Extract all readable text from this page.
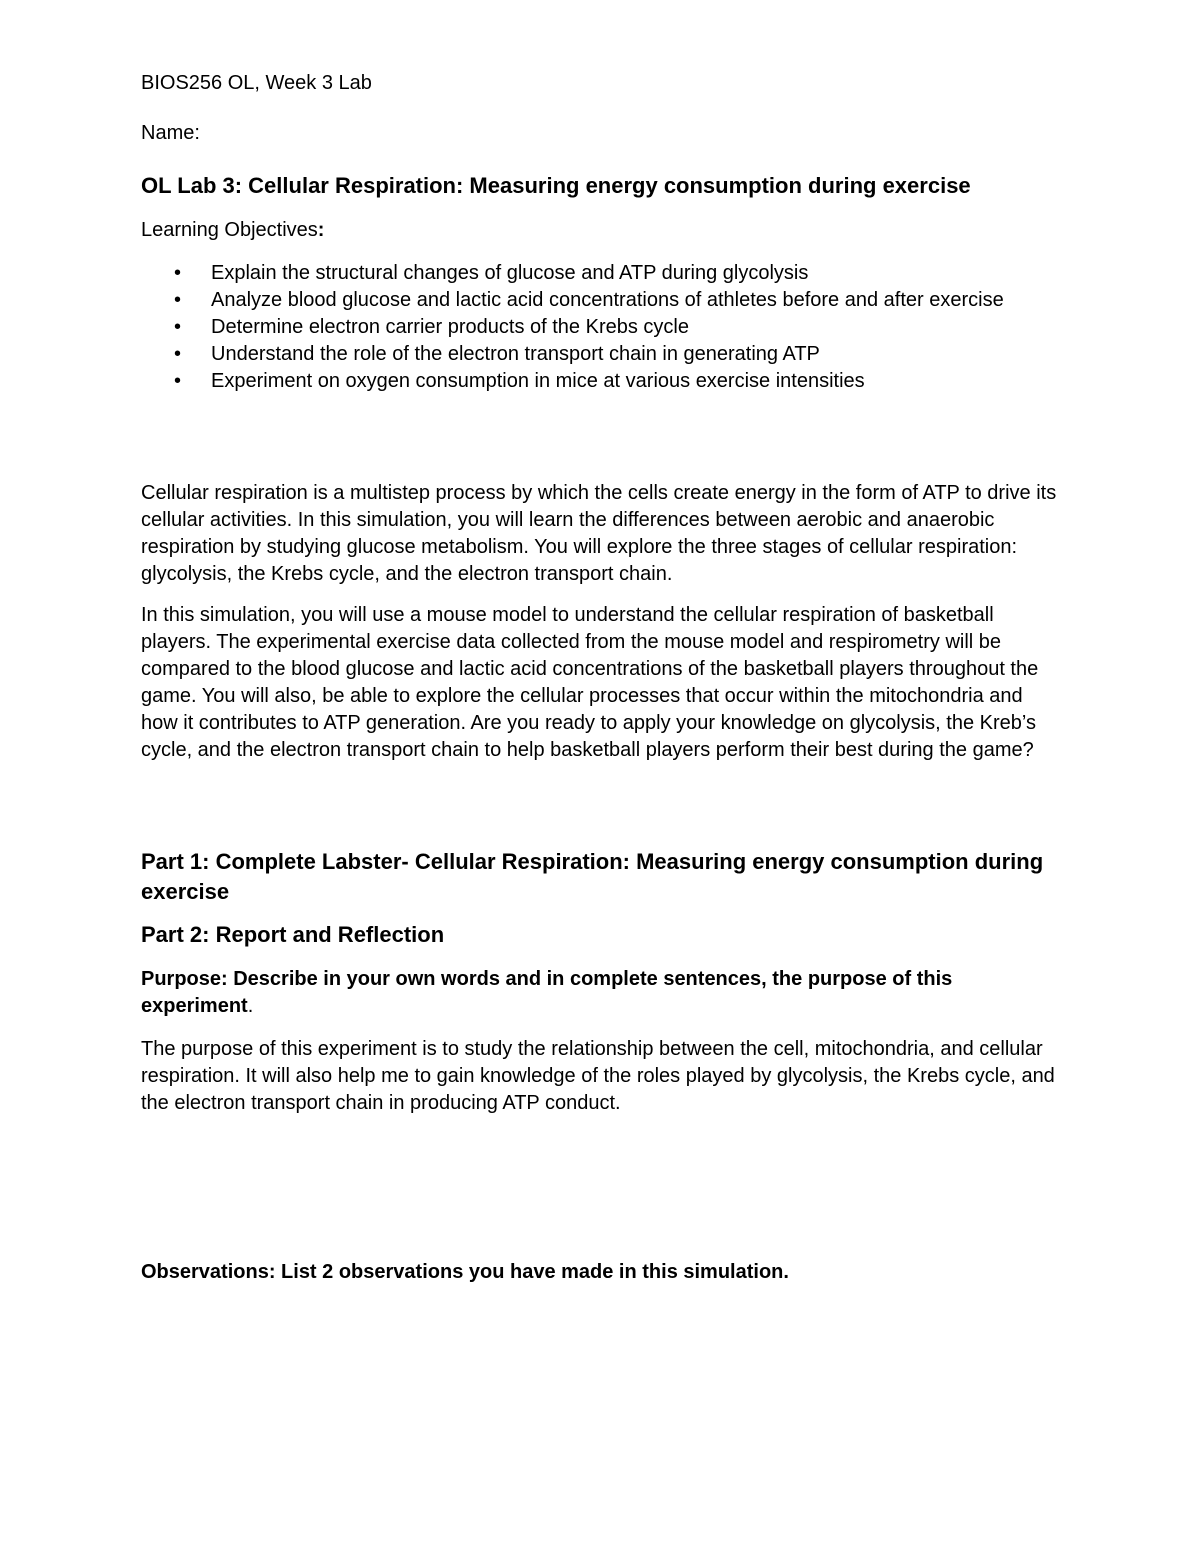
BIOS256 OL, Week 3 Lab

Name:

OL Lab 3: Cellular Respiration: Measuring energy consumption during exercise

Learning Objectives:

• Explain the structural changes of glucose and ATP during glycolysis
• Analyze blood glucose and lactic acid concentrations of athletes before and after exercise
• Determine electron carrier products of the Krebs cycle
• Understand the role of the electron transport chain in generating ATP
• Experiment on oxygen consumption in mice at various exercise intensities

Cellular respiration is a multistep process by which the cells create energy in the form of ATP to drive its cellular activities. In this simulation, you will learn the differences between aerobic and anaerobic respiration by studying glucose metabolism. You will explore the three stages of cellular respiration: glycolysis, the Krebs cycle, and the electron transport chain.

In this simulation, you will use a mouse model to understand the cellular respiration of basketball players. The experimental exercise data collected from the mouse model and respirometry will be compared to the blood glucose and lactic acid concentrations of the basketball players throughout the game. You will also, be able to explore the cellular processes that occur within the mitochondria and how it contributes to ATP generation. Are you ready to apply your knowledge on glycolysis, the Kreb’s cycle, and the electron transport chain to help basketball players perform their best during the game?

Part 1: Complete Labster- Cellular Respiration: Measuring energy consumption during exercise
Part 2: Report and Reflection

Purpose: Describe in your own words and in complete sentences, the purpose of this experiment.

The purpose of this experiment is to study the relationship between the cell, mitochondria, and cellular respiration. It will also help me to gain knowledge of the roles played by glycolysis, the Krebs cycle, and the electron transport chain in producing ATP conduct.

Observations: List 2 observations you have made in this simulation.
